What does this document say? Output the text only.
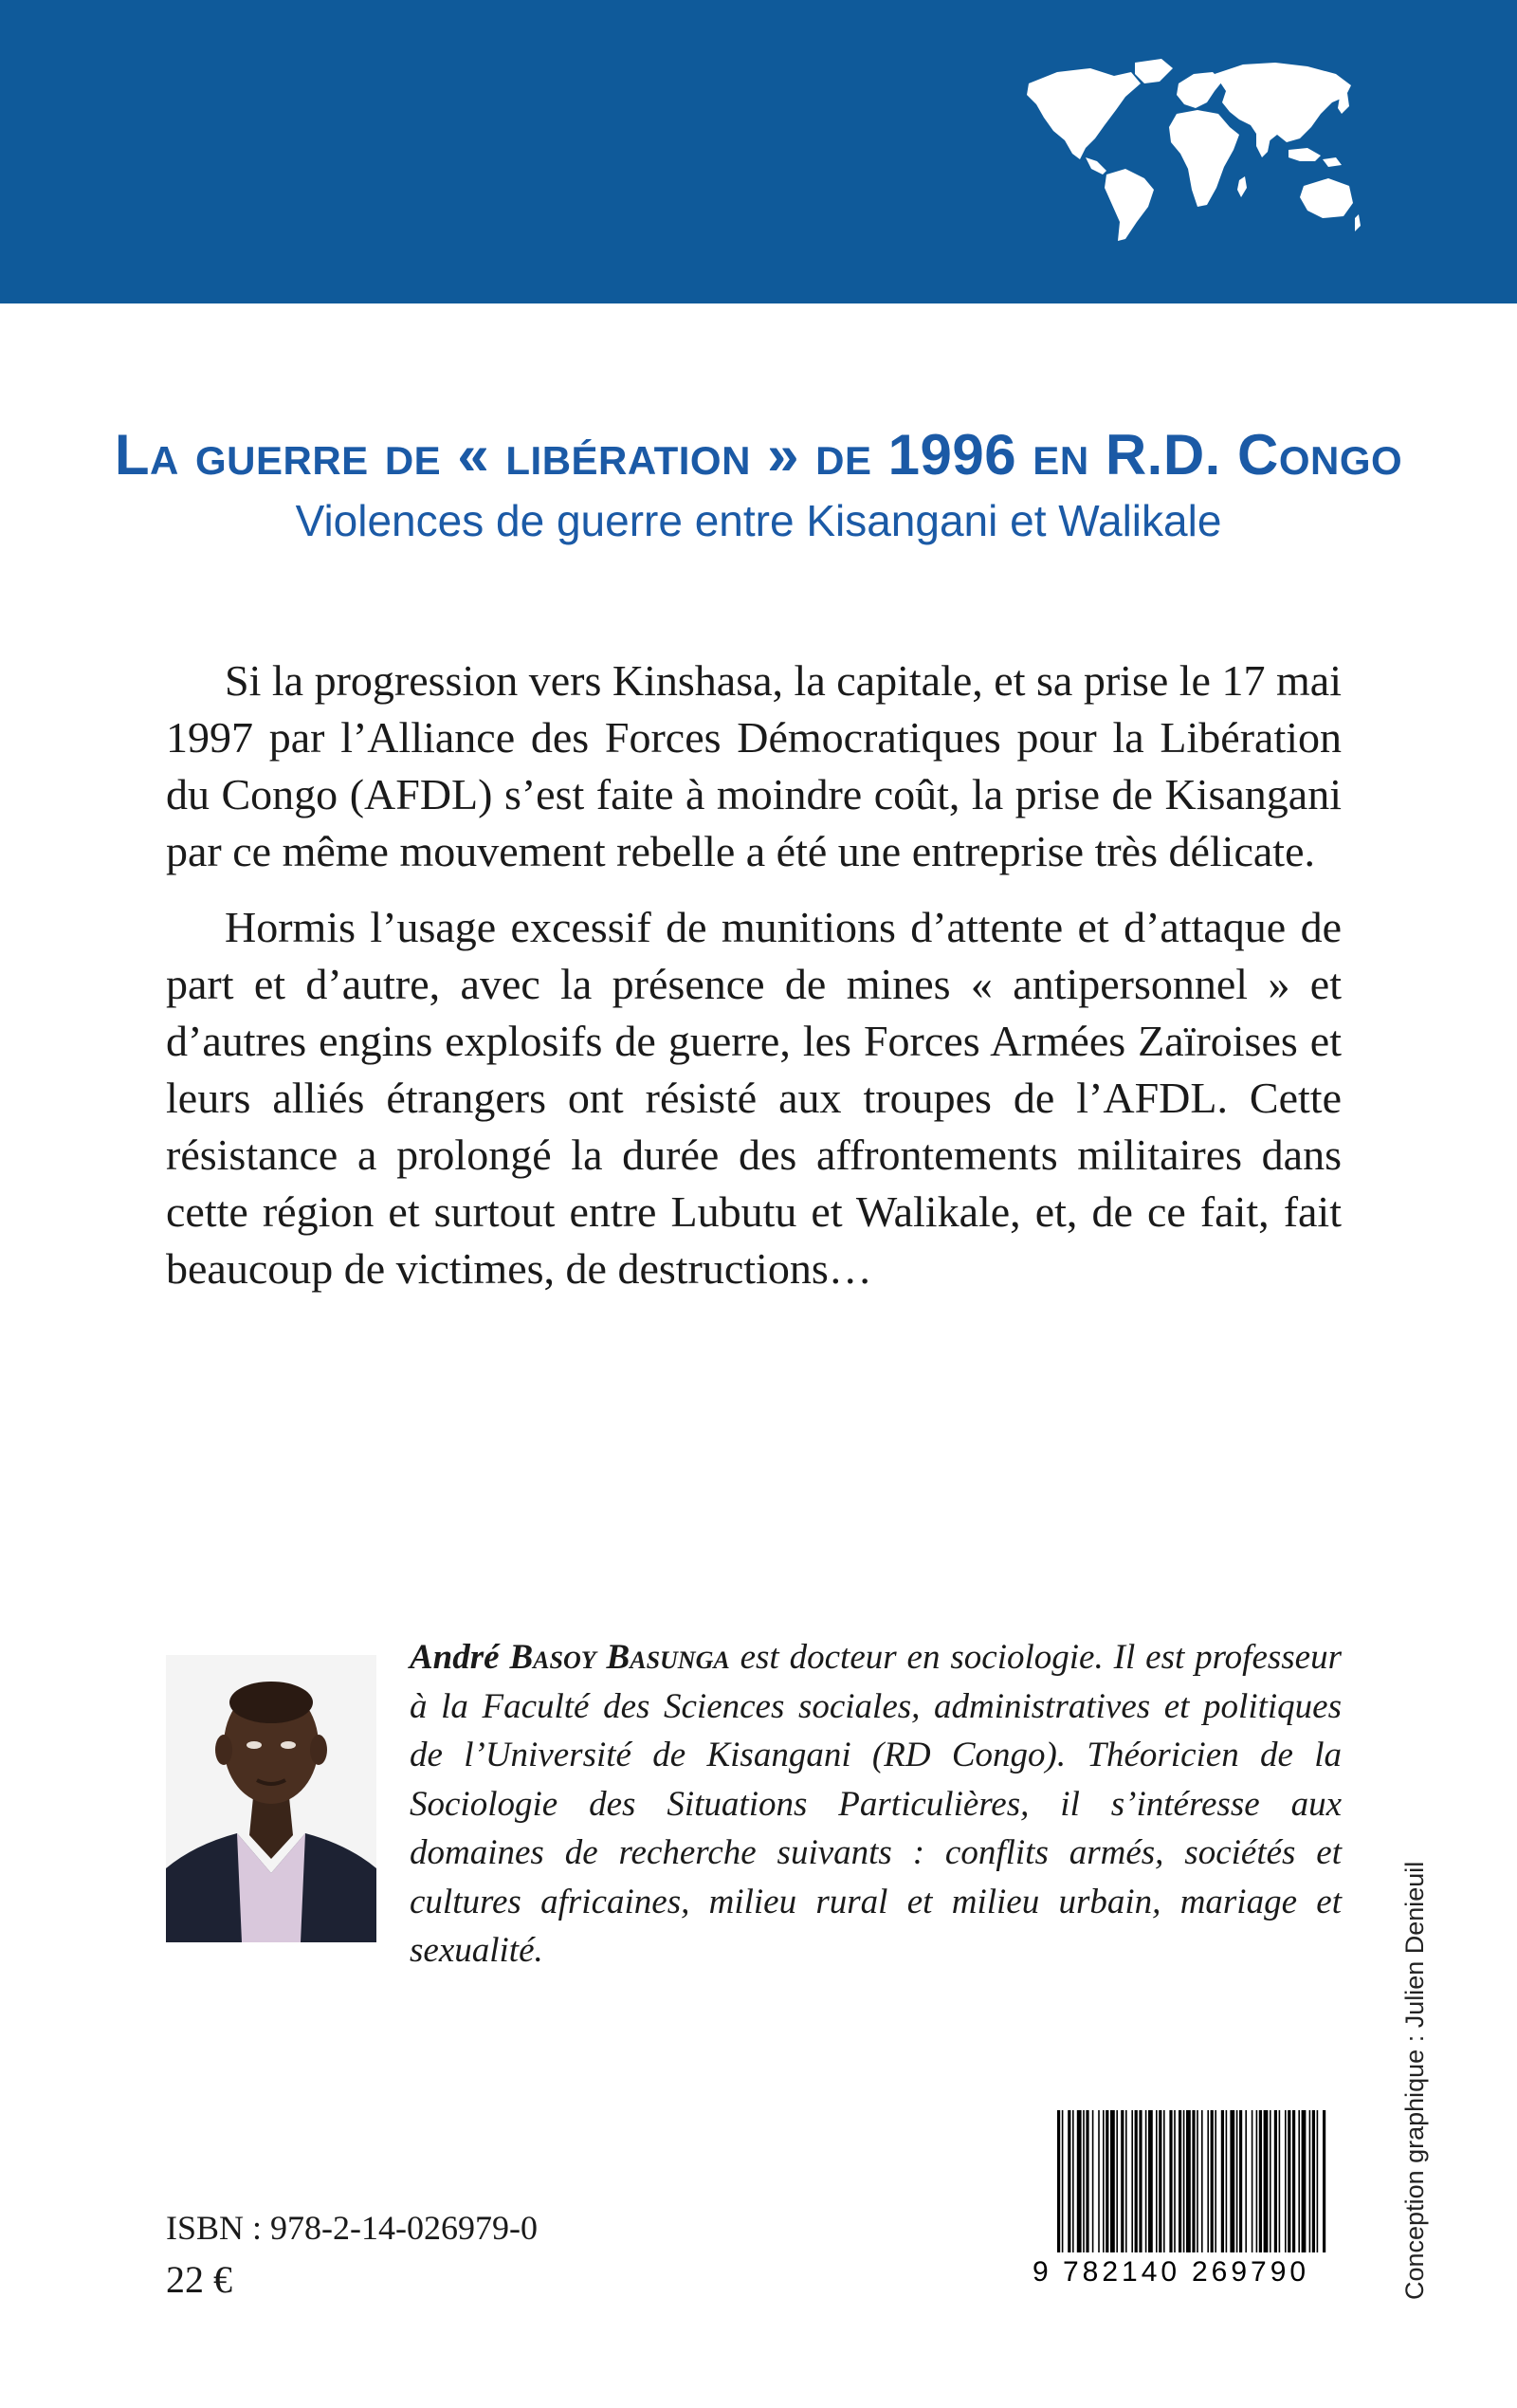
La guerre de « libération » de 1996 en R.D. Congo
Violences de guerre entre Kisangani et Walikale

Si la progression vers Kinshasa, la capitale, et sa prise le 17 mai 1997 par l’Alliance des Forces Démocratiques pour la Libération du Congo (AFDL) s’est faite à moindre coût, la prise de Kisangani par ce même mouvement rebelle a été une entreprise très délicate.

Hormis l’usage excessif de munitions d’attente et d’attaque de part et d’autre, avec la présence de mines « antipersonnel » et d’autres engins explosifs de guerre, les Forces Armées Zaïroises et leurs alliés étrangers ont résisté aux troupes de l’AFDL. Cette résistance a prolongé la durée des affrontements militaires dans cette région et surtout entre Lubutu et Walikale, et, de ce fait, fait beaucoup de victimes, de destructions…

André Basoy Basunga est docteur en sociologie. Il est professeur à la Faculté des Sciences sociales, administratives et politiques de l’Université de Kisangani (RD Congo). Théoricien de la Sociologie des Situations Particulières, il s’intéresse aux domaines de recherche suivants : conflits armés, sociétés et cultures africaines, milieu rural et milieu urbain, mariage et sexualité.
ISBN : 978-2-14-026979-0
22 €	9 782140 269790	Conception graphique : Julien Denieuil
